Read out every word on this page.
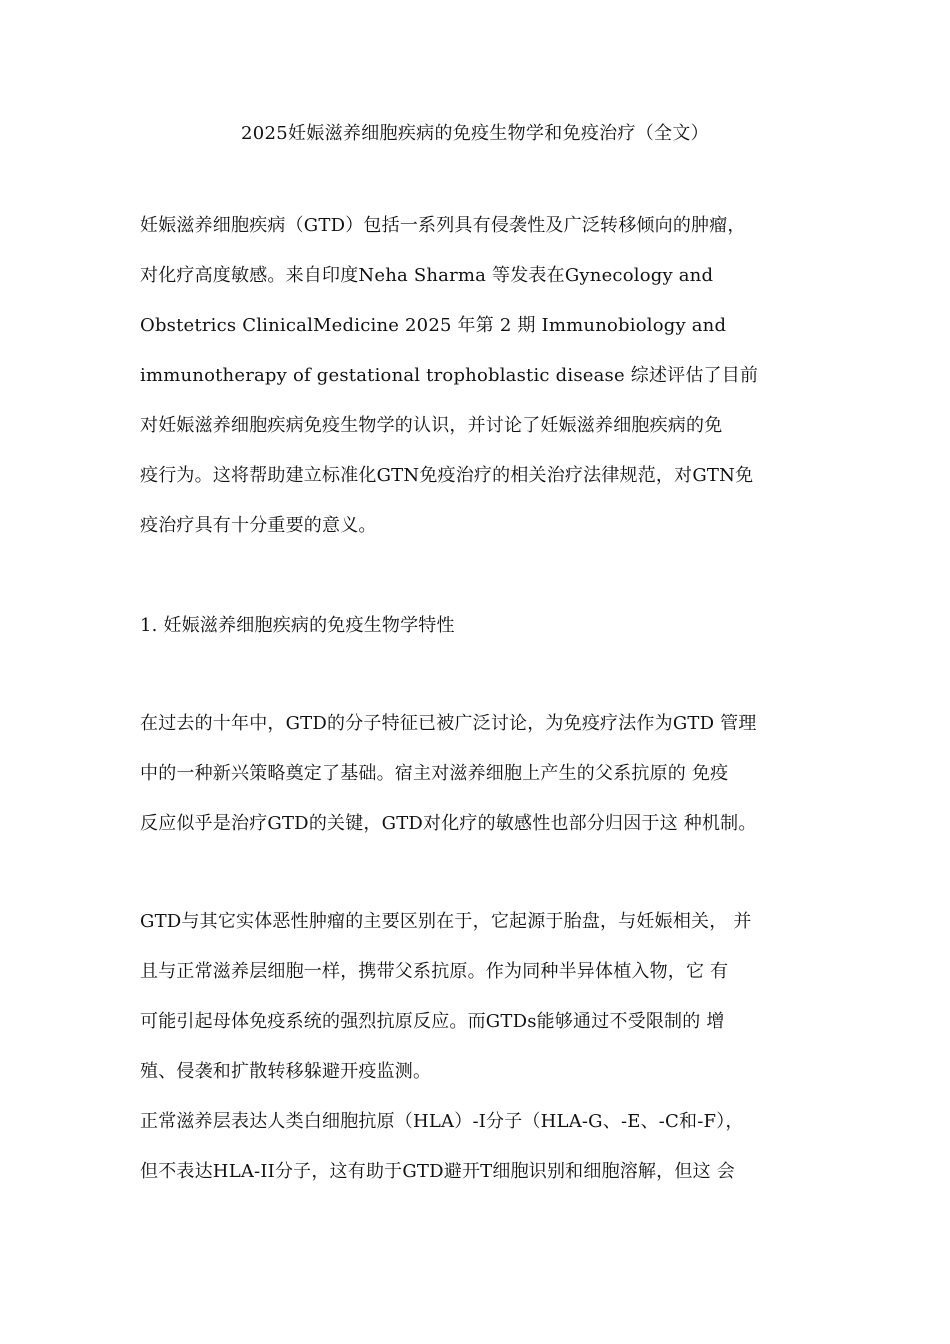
2025妊娠滋养细胞疾病的免疫生物学和免疫治疗（全文）
妊娠滋养细胞疾病（GTD）包括一系列具有侵袭性及广泛转移倾向的肿瘤，
对化疗高度敏感。来自印度Neha Sharma 等发表在Gynecology and
Obstetrics ClinicalMedicine 2025 年第 2 期 Immunobiology and
immunotherapy of gestational trophoblastic disease 综述评估了目前
对妊娠滋养细胞疾病免疫生物学的认识，并讨论了妊娠滋养细胞疾病的免
疫行为。这将帮助建立标准化GTN免疫治疗的相关治疗法律规范，对GTN免
疫治疗具有十分重要的意义。
1. 妊娠滋养细胞疾病的免疫生物学特性
在过去的十年中，GTD的分子特征已被广泛讨论，为免疫疗法作为GTD 管理
中的一种新兴策略奠定了基础。宿主对滋养细胞上产生的父系抗原的 免疫
反应似乎是治疗GTD的关键，GTD对化疗的敏感性也部分归因于这 种机制。
GTD与其它实体恶性肿瘤的主要区别在于，它起源于胎盘，与妊娠相关， 并
且与正常滋养层细胞一样，携带父系抗原。作为同种半异体植入物，它 有
可能引起母体免疫系统的强烈抗原反应。而GTDs能够通过不受限制的 增
殖、侵袭和扩散转移躲避开疫监测。
正常滋养层表达人类白细胞抗原（HLA）-I分子（HLA-G、-E、-C和-F），
但不表达HLA-II分子，这有助于GTD避开T细胞识别和细胞溶解，但这 会
